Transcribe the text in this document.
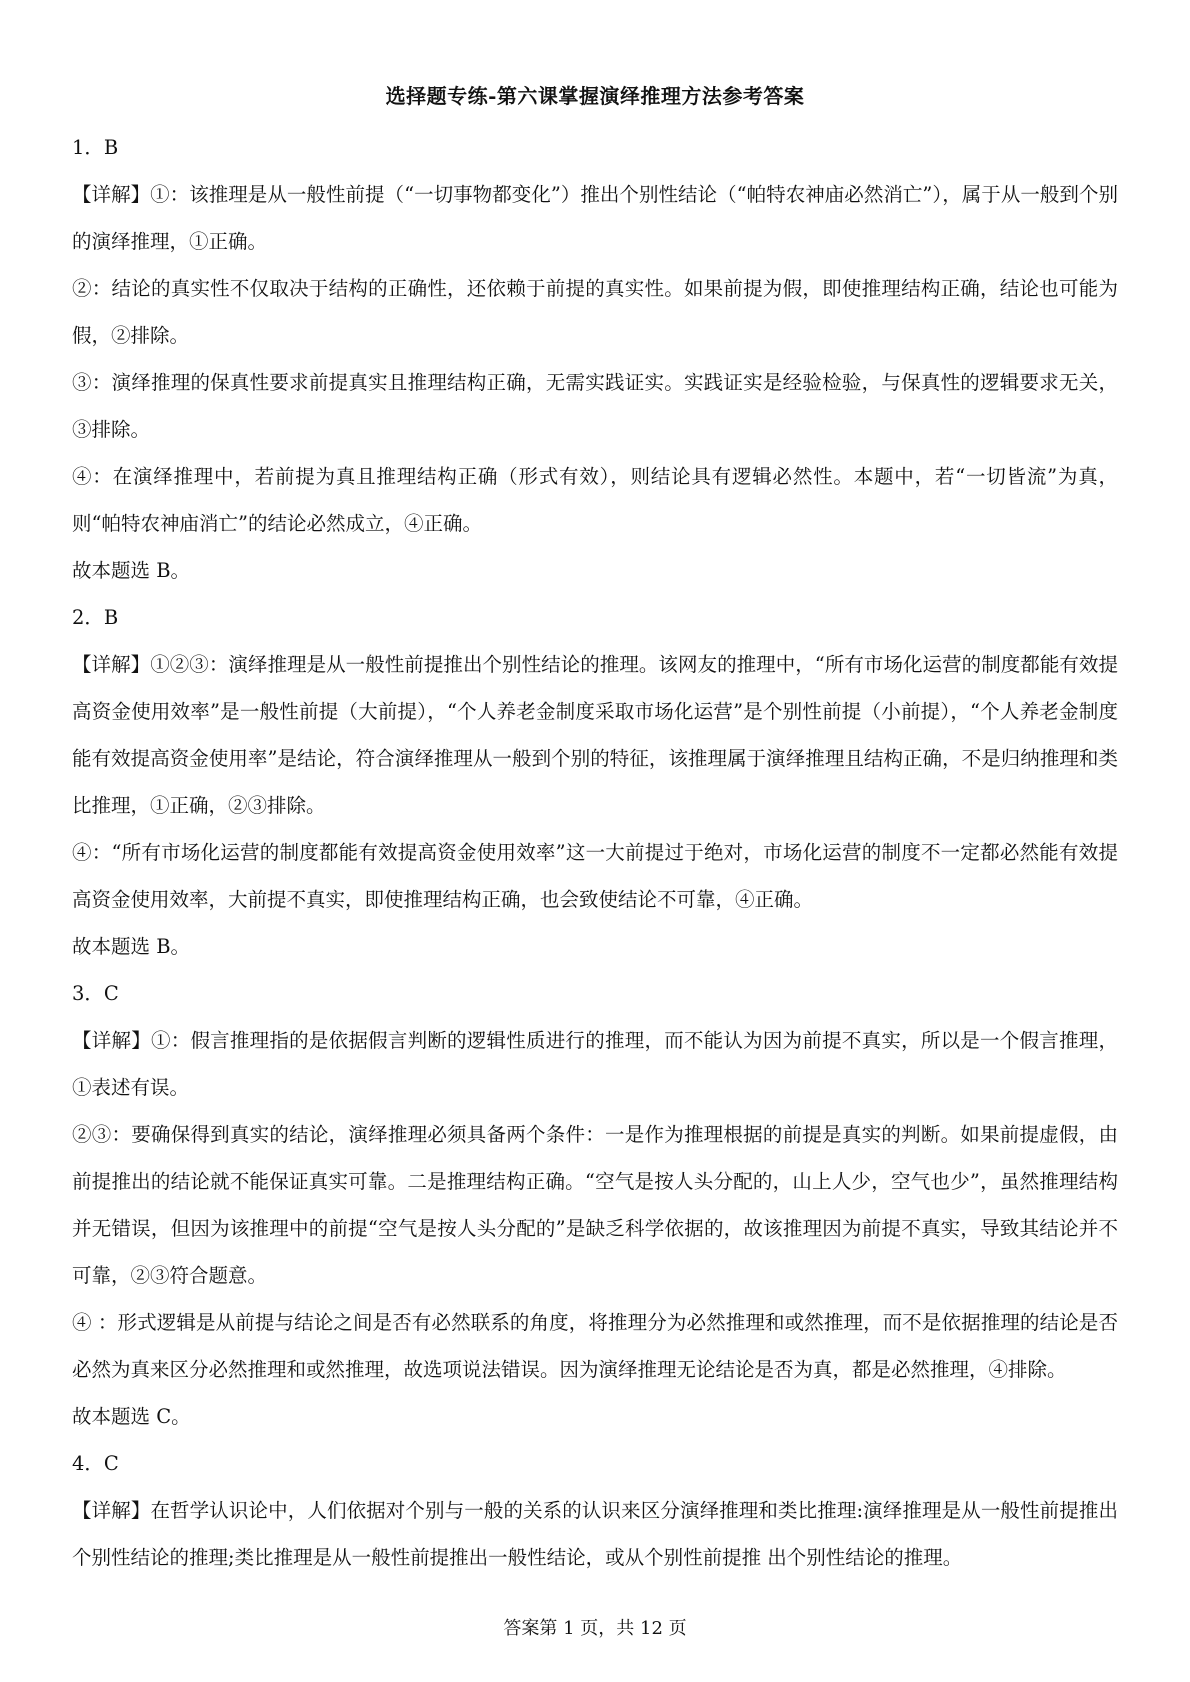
选择题专练-第六课掌握演绎推理方法参考答案

1．B

【详解】①：该推理是从一般性前提（“一切事物都变化”）推出个别性结论（“帕特农神庙必然消亡”），属于从一般到个别的演绎推理，①正确。

②：结论的真实性不仅取决于结构的正确性，还依赖于前提的真实性。如果前提为假，即使推理结构正确，结论也可能为假，②排除。

③：演绎推理的保真性要求前提真实且推理结构正确，无需实践证实。实践证实是经验检验，与保真性的逻辑要求无关，③排除。

④：在演绎推理中，若前提为真且推理结构正确（形式有效），则结论具有逻辑必然性。本题中，若“一切皆流”为真，则“帕特农神庙消亡”的结论必然成立，④正确。

故本题选 B。

2．B

【详解】①②③：演绎推理是从一般性前提推出个别性结论的推理。该网友的推理中，“所有市场化运营的制度都能有效提高资金使用效率”是一般性前提（大前提），“个人养老金制度采取市场化运营”是个别性前提（小前提），“个人养老金制度能有效提高资金使用率”是结论，符合演绎推理从一般到个别的特征，该推理属于演绎推理且结构正确，不是归纳推理和类比推理，①正确，②③排除。

④：“所有市场化运营的制度都能有效提高资金使用效率”这一大前提过于绝对，市场化运营的制度不一定都必然能有效提高资金使用效率，大前提不真实，即使推理结构正确，也会致使结论不可靠，④正确。

故本题选 B。

3．C

【详解】①：假言推理指的是依据假言判断的逻辑性质进行的推理，而不能认为因为前提不真实，所以是一个假言推理，①表述有误。

②③：要确保得到真实的结论，演绎推理必须具备两个条件：一是作为推理根据的前提是真实的判断。如果前提虚假，由前提推出的结论就不能保证真实可靠。二是推理结构正确。“空气是按人头分配的，山上人少，空气也少”，虽然推理结构并无错误，但因为该推理中的前提“空气是按人头分配的”是缺乏科学依据的，故该推理因为前提不真实，导致其结论并不可靠，②③符合题意。

④ ：形式逻辑是从前提与结论之间是否有必然联系的角度，将推理分为必然推理和或然推理，而不是依据推理的结论是否必然为真来区分必然推理和或然推理，故选项说法错误。因为演绎推理无论结论是否为真，都是必然推理，④排除。

故本题选 C。

4．C

【详解】在哲学认识论中，人们依据对个别与一般的关系的认识来区分演绎推理和类比推理:演绎推理是从一般性前提推出个别性结论的推理;类比推理是从一般性前提推出一般性结论，或从个别性前提推 出个别性结论的推理。

答案第 1 页，共 12 页
